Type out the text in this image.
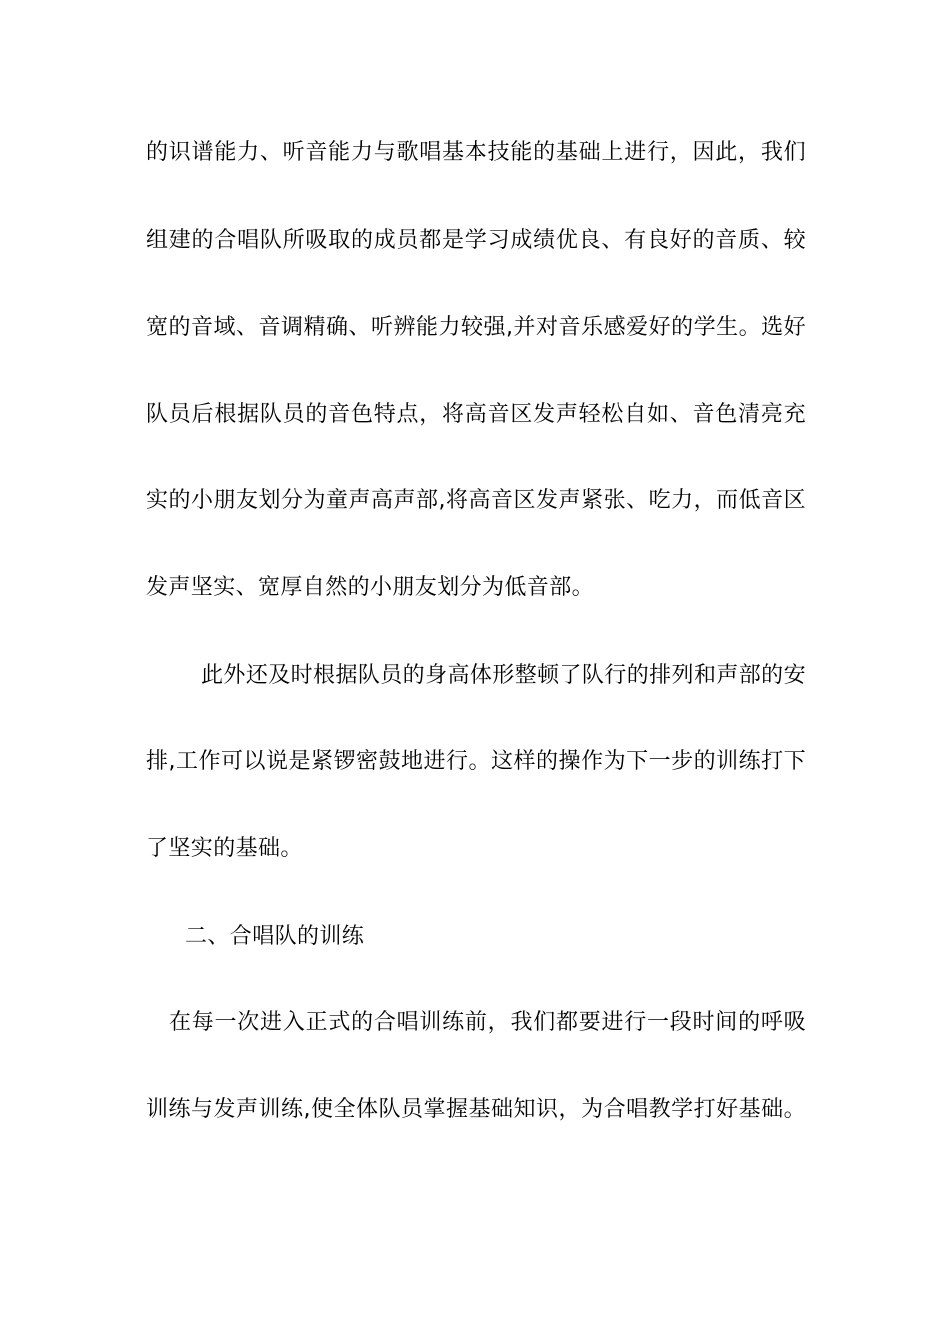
的识谱能力、听音能力与歌唱基本技能的基础上进行，因此，我们
组建的合唱队所吸取的成员都是学习成绩优良、有良好的音质、较
宽的音域、音调精确、听辨能力较强,并对音乐感爱好的学生。选好
队员后根据队员的音色特点，将高音区发声轻松自如、音色清亮充
实的小朋友划分为童声高声部,将高音区发声紧张、吃力，而低音区
发声坚实、宽厚自然的小朋友划分为低音部。
此外还及时根据队员的身高体形整顿了队行的排列和声部的安
排,工作可以说是紧锣密鼓地进行。这样的操作为下一步的训练打下
了坚实的基础。
二、合唱队的训练
在每一次进入正式的合唱训练前，我们都要进行一段时间的呼吸
训练与发声训练,使全体队员掌握基础知识，为合唱教学打好基础。
